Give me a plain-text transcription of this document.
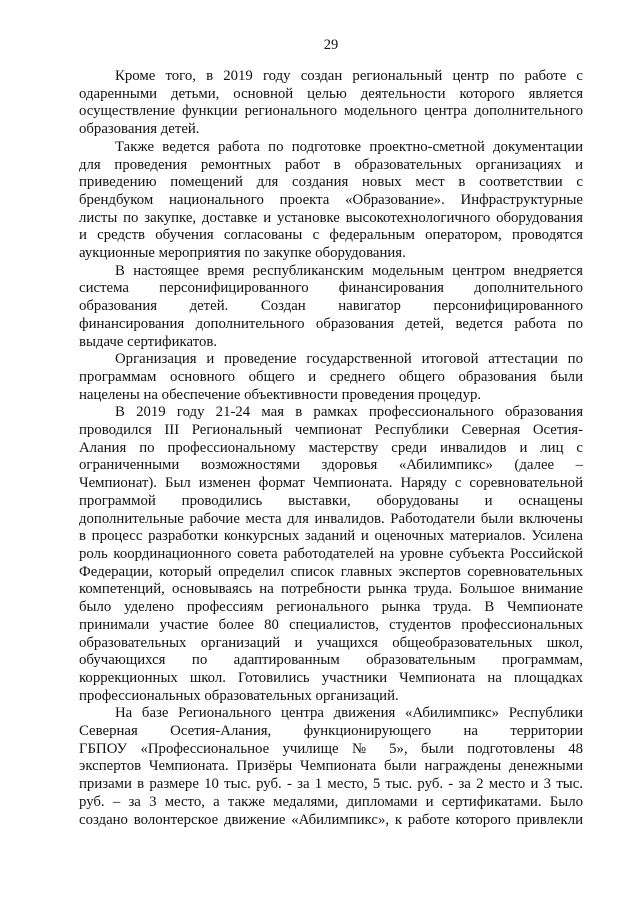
29
Кроме того, в 2019 году создан региональный центр по работе с
одаренными детьми, основной целью деятельности которого является
осуществление функции регионального модельного центра дополнительного
образования детей.
Также ведется работа по подготовке проектно-сметной документации
для проведения ремонтных работ в образовательных организациях и
приведению помещений для создания новых мест в соответствии с
брендбуком национального проекта «Образование». Инфраструктурные
листы по закупке, доставке и установке высокотехнологичного оборудования
и средств обучения согласованы с федеральным оператором, проводятся
аукционные мероприятия по закупке оборудования.
В настоящее время республиканским модельным центром внедряется
система персонифицированного финансирования дополнительного
образования детей. Создан навигатор персонифицированного
финансирования дополнительного образования детей, ведется работа по
выдаче сертификатов.
Организация и проведение государственной итоговой аттестации по
программам основного общего и среднего общего образования были
нацелены на обеспечение объективности проведения процедур.
В 2019 году 21-24 мая в рамках профессионального образования
проводился III Региональный чемпионат Республики Северная Осетия-
Алания по профессиональному мастерству среди инвалидов и лиц с
ограниченными возможностями здоровья «Абилимпикс» (далее –
Чемпионат). Был изменен формат Чемпионата. Наряду с соревновательной
программой проводились выставки, оборудованы и оснащены
дополнительные рабочие места для инвалидов. Работодатели были включены
в процесс разработки конкурсных заданий и оценочных материалов. Усилена
роль координационного совета работодателей на уровне субъекта Российской
Федерации, который определил список главных экспертов соревновательных
компетенций, основываясь на потребности рынка труда. Большое внимание
было уделено профессиям регионального рынка труда. В Чемпионате
принимали участие более 80 специалистов, студентов профессиональных
образовательных организаций и учащихся общеобразовательных школ,
обучающихся по адаптированным образовательным программам,
коррекционных школ. Готовились участники Чемпионата на площадках
профессиональных образовательных организаций.
На базе Регионального центра движения «Абилимпикс» Республики
Северная Осетия-Алания, функционирующего на территории
ГБПОУ «Профессиональное училище № 5», были подготовлены 48
экспертов Чемпионата. Призёры Чемпионата были награждены денежными
призами в размере 10 тыс. руб. - за 1 место, 5 тыс. руб. - за 2 место и 3 тыс.
руб. – за 3 место, а также медалями, дипломами и сертификатами. Было
создано волонтерское движение «Абилимпикс», к работе которого привлекли
